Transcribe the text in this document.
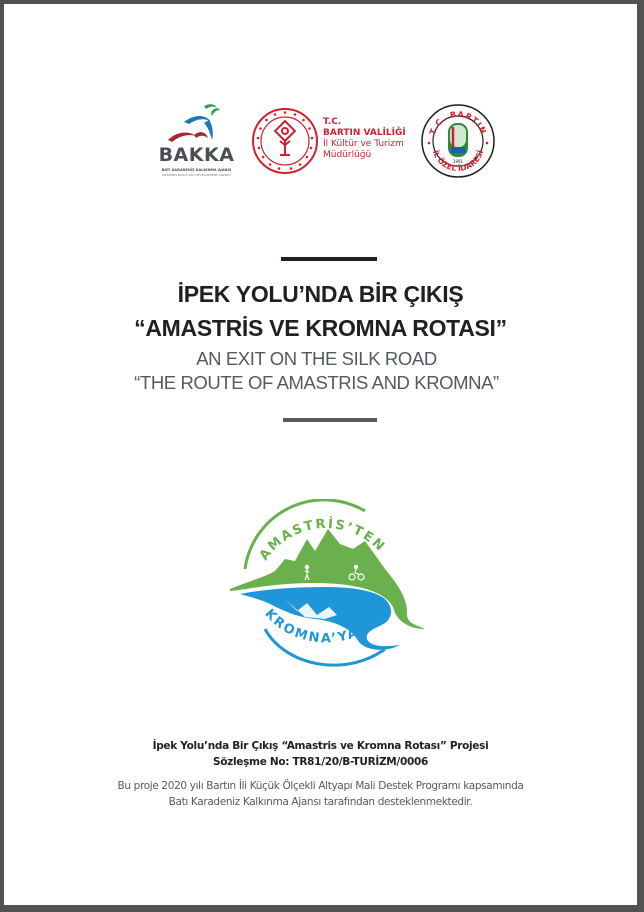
BAKKA
BATI KARADENİZ KALKINMA AJANSI
WESTERN BLACK SEA DEVELOPMENT AGENCY
T.C.
BARTIN VALİLİĞİ
İl Kültür ve Turizm
Müdürlüğü
T.C. BARTIN
İL ÖZEL İDARESİ
1991
İPEK YOLU’NDA BİR ÇIKIŞ
“AMASTRİS VE KROMNA ROTASI”
AN EXIT ON THE SILK ROAD
“THE ROUTE OF AMASTRIS AND KROMNA”
AMASTRİS’TEN
KROMNA’YA
İpek Yolu’nda Bir Çıkış “Amastris ve Kromna Rotası” Projesi
Sözleşme No: TR81/20/B-TURİZM/0006
Bu proje 2020 yılı Bartın İli Küçük Ölçekli Altyapı Mali Destek Programı kapsamında
Batı Karadeniz Kalkınma Ajansı tarafından desteklenmektedir.
